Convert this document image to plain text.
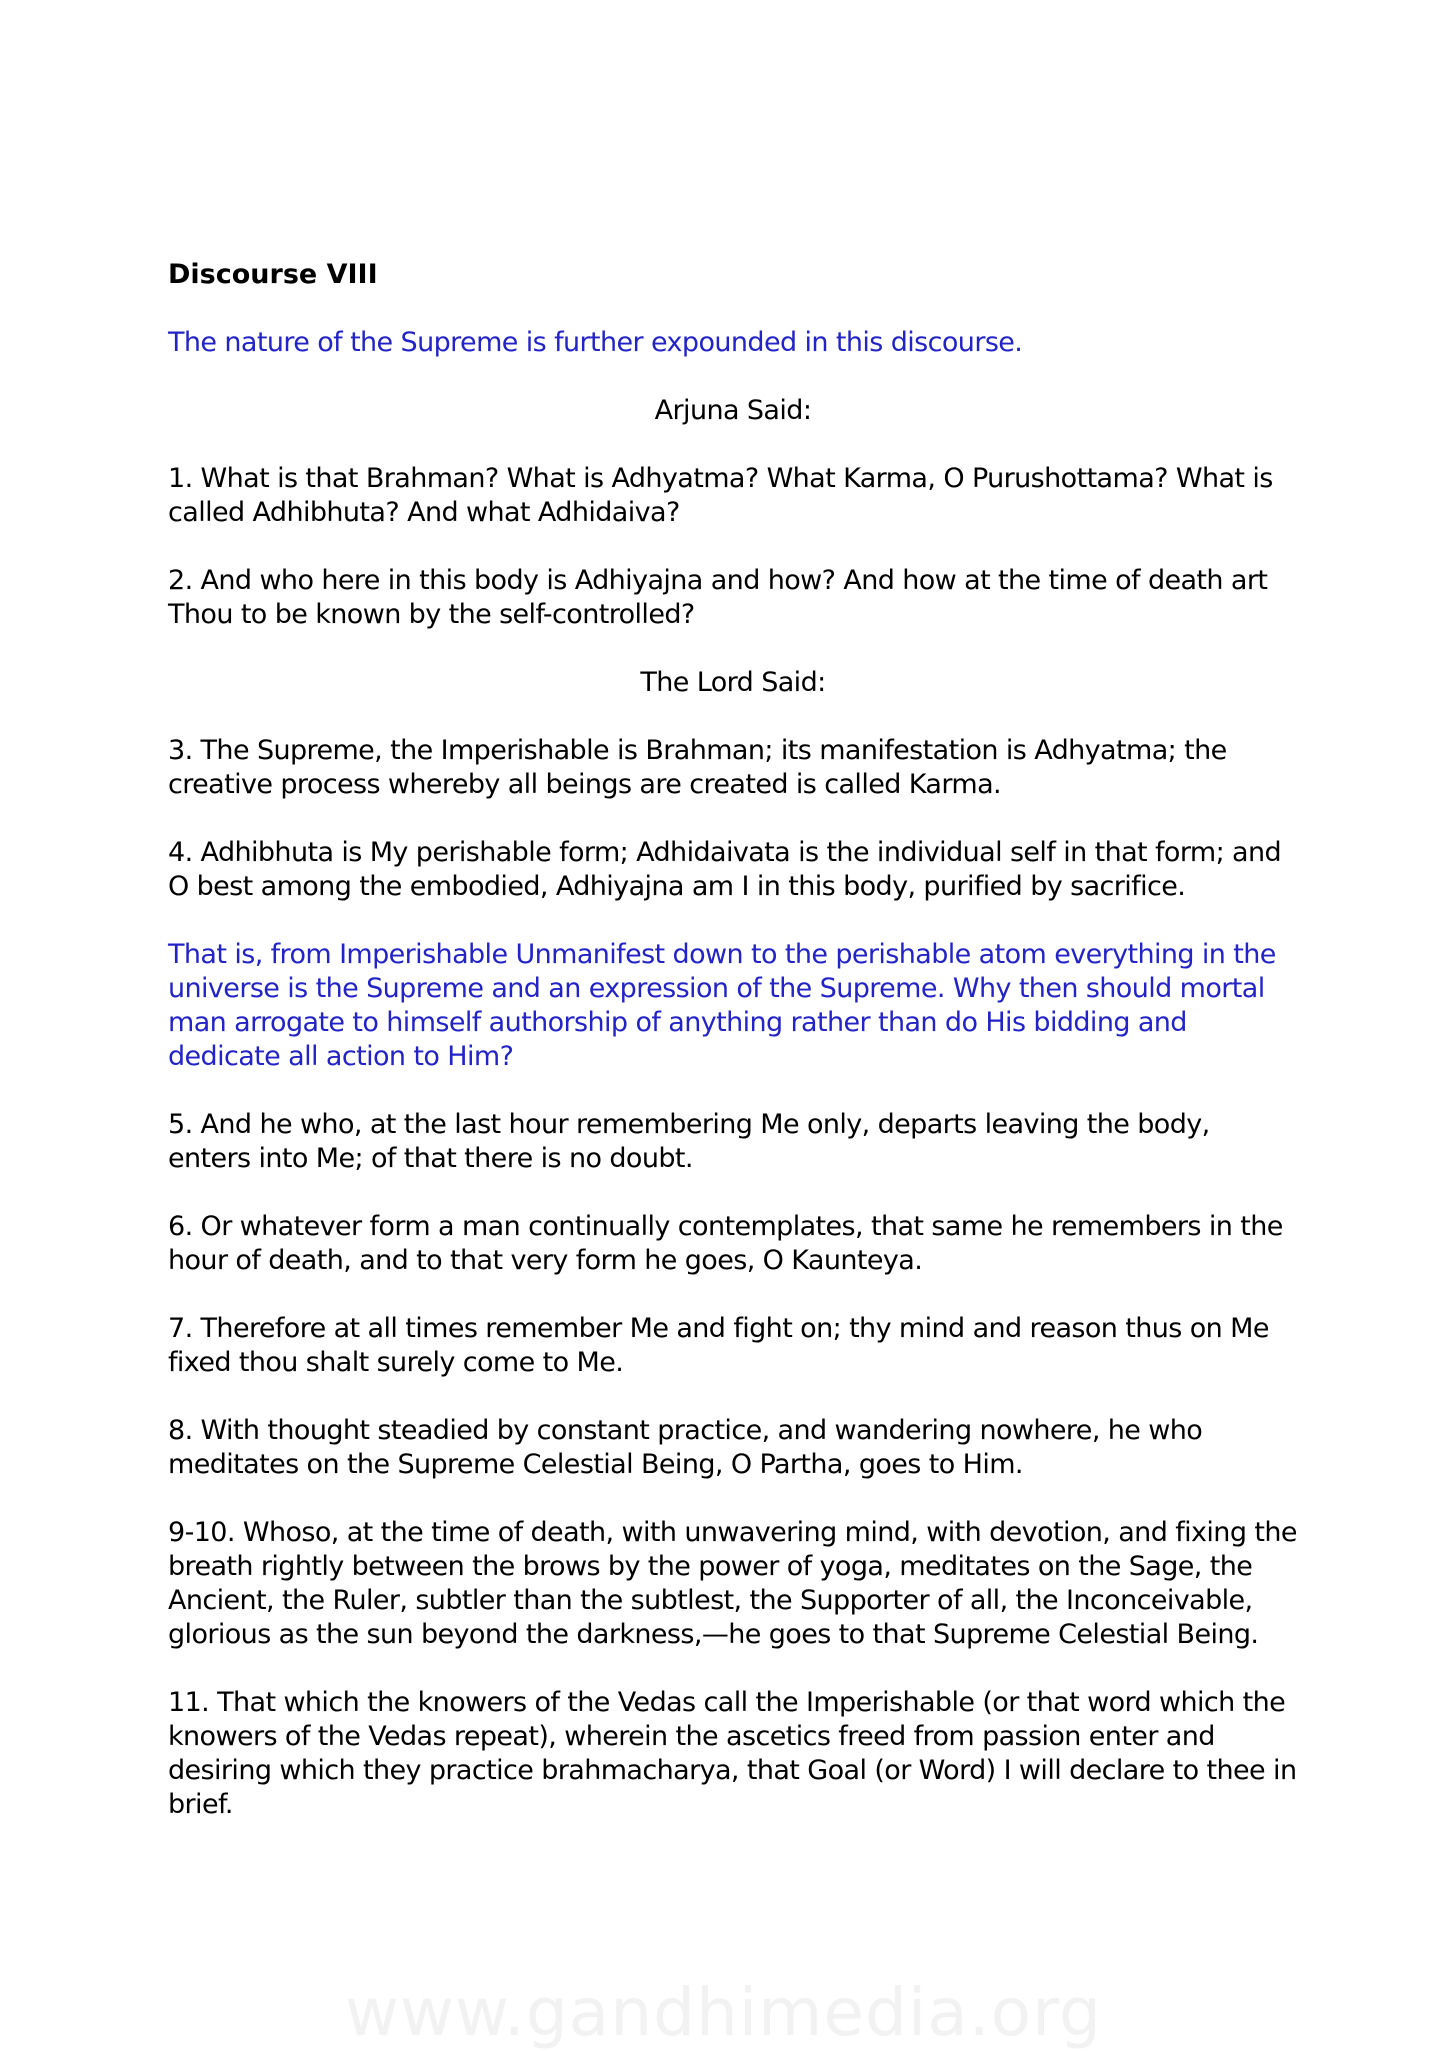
Discourse VIII

The nature of the Supreme is further expounded in this discourse.

Arjuna Said:

1. What is that Brahman? What is Adhyatma? What Karma, O Purushottama? What is called Adhibhuta? And what Adhidaiva?

2. And who here in this body is Adhiyajna and how? And how at the time of death art Thou to be known by the self-controlled?

The Lord Said:

3. The Supreme, the Imperishable is Brahman; its manifestation is Adhyatma; the creative process whereby all beings are created is called Karma.

4. Adhibhuta is My perishable form; Adhidaivata is the individual self in that form; and O best among the embodied, Adhiyajna am I in this body, purified by sacrifice.

That is, from Imperishable Unmanifest down to the perishable atom everything in the universe is the Supreme and an expression of the Supreme. Why then should mortal man arrogate to himself authorship of anything rather than do His bidding and dedicate all action to Him?

5. And he who, at the last hour remembering Me only, departs leaving the body, enters into Me; of that there is no doubt.

6. Or whatever form a man continually contemplates, that same he remembers in the hour of death, and to that very form he goes, O Kaunteya.

7. Therefore at all times remember Me and fight on; thy mind and reason thus on Me fixed thou shalt surely come to Me.

8. With thought steadied by constant practice, and wandering nowhere, he who meditates on the Supreme Celestial Being, O Partha, goes to Him.

9-10. Whoso, at the time of death, with unwavering mind, with devotion, and fixing the breath rightly between the brows by the power of yoga, meditates on the Sage, the Ancient, the Ruler, subtler than the subtlest, the Supporter of all, the Inconceivable, glorious as the sun beyond the darkness,—he goes to that Supreme Celestial Being.

11. That which the knowers of the Vedas call the Imperishable (or that word which the knowers of the Vedas repeat), wherein the ascetics freed from passion enter and desiring which they practice brahmacharya, that Goal (or Word) I will declare to thee in brief.

www.gandhimedia.org
